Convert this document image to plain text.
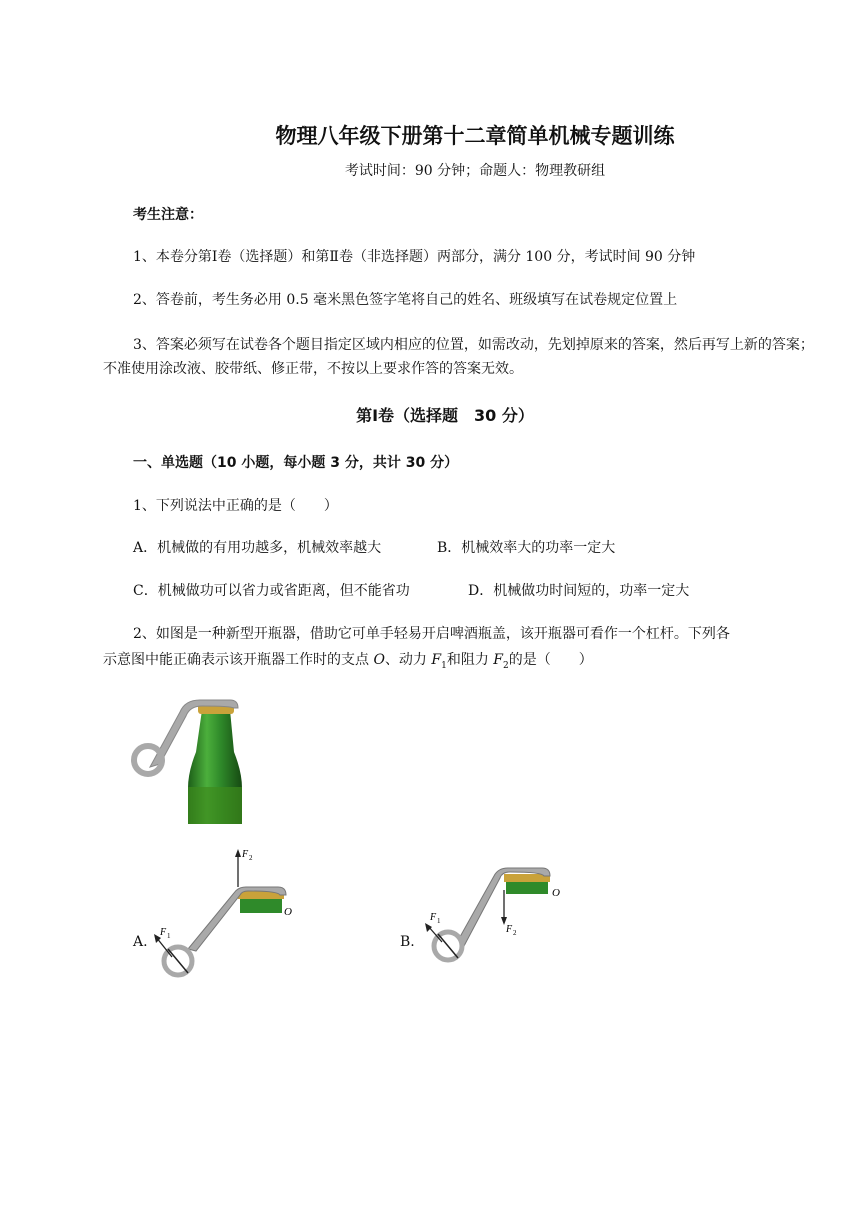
物理八年级下册第十二章简单机械专题训练
考试时间：90 分钟；命题人：物理教研组
考生注意：
1、本卷分第Ⅰ卷（选择题）和第Ⅱ卷（非选择题）两部分，满分 100 分，考试时间 90 分钟
2、答卷前，考生务必用 0.5 毫米黑色签字笔将自己的姓名、班级填写在试卷规定位置上
3、答案必须写在试卷各个题目指定区域内相应的位置，如需改动，先划掉原来的答案，然后再写上新的答案；不准使用涂改液、胶带纸、修正带，不按以上要求作答的答案无效。
第Ⅰ卷（选择题　30 分）
一、单选题（10 小题，每小题 3 分，共计 30 分）
1、下列说法中正确的是（　　）
A．机械做的有用功越多，机械效率越大	B．机械效率大的功率一定大
C．机械做功可以省力或省距离，但不能省功	D．机械做功时间短的，功率一定大
2、如图是一种新型开瓶器，借助它可单手轻易开启啤酒瓶盖，该开瓶器可看作一个杠杆。下列各
示意图中能正确表示该开瓶器工作时的支点 O、动力 $F_1$和阻力 $F_2$的是（　　）
A.
F 2
F 1
O
B.
F 1
F 2
O
